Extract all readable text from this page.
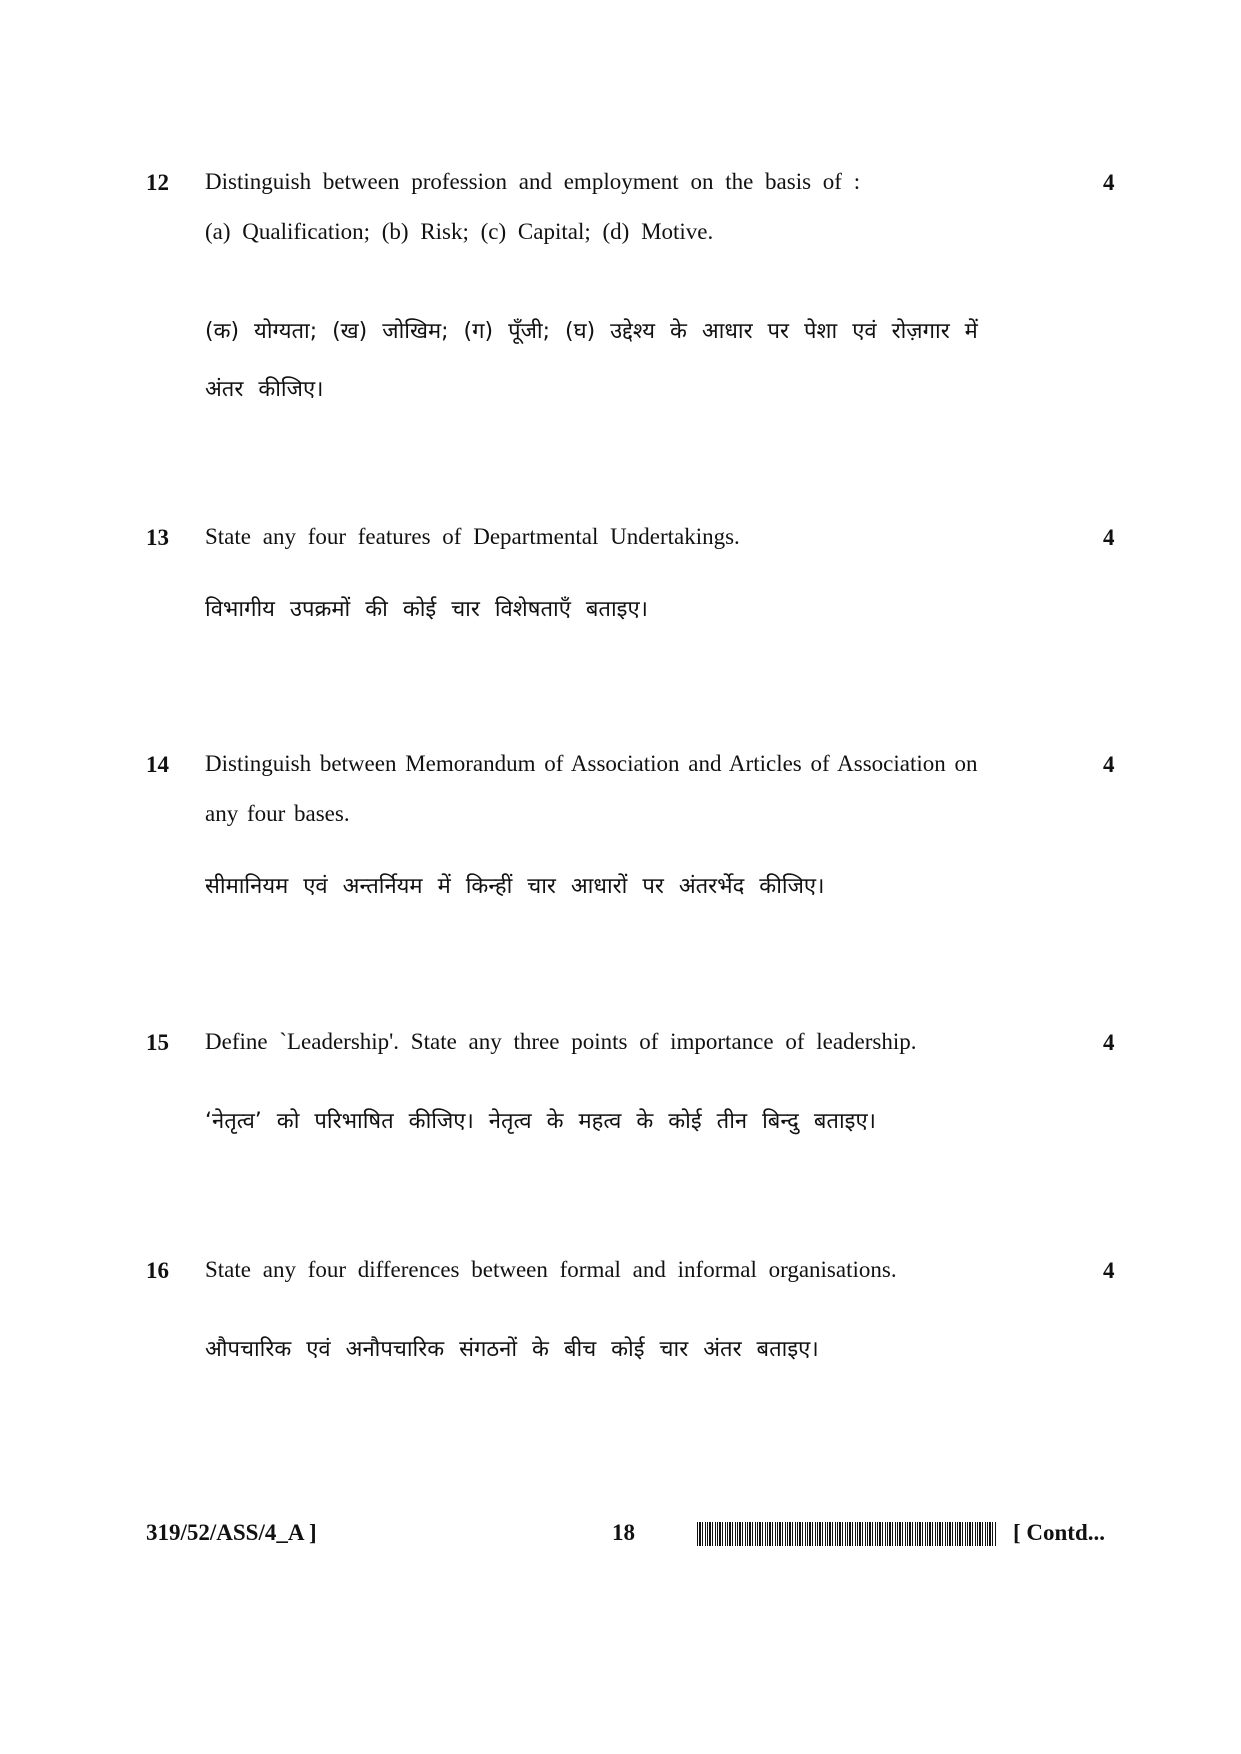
12	4
Distinguish between profession and employment on the basis of :
(a) Qualification; (b) Risk; (c) Capital; (d) Motive.
(क) योग्यता; (ख) जोखिम; (ग) पूँजी; (घ) उद्देश्य के आधार पर पेशा एवं रोज़गार में
अंतर कीजिए।
13	4
State any four features of Departmental Undertakings.
विभागीय उपक्रमों की कोई चार विशेषताएँ बताइए।
14	4
Distinguish between Memorandum of Association and Articles of Association on
any four bases.
सीमानियम एवं अन्तर्नियम में किन्हीं चार आधारों पर अंतरर्भेद कीजिए।
15	4
Define `Leadership'. State any three points of importance of leadership.
‘नेतृत्व’ को परिभाषित कीजिए। नेतृत्व के महत्व के कोई तीन बिन्दु बताइए।
16	4
State any four differences between formal and informal organisations.
औपचारिक एवं अनौपचारिक संगठनों के बीच कोई चार अंतर बताइए।
319/52/ASS/4_A ]	18	[ Contd...
